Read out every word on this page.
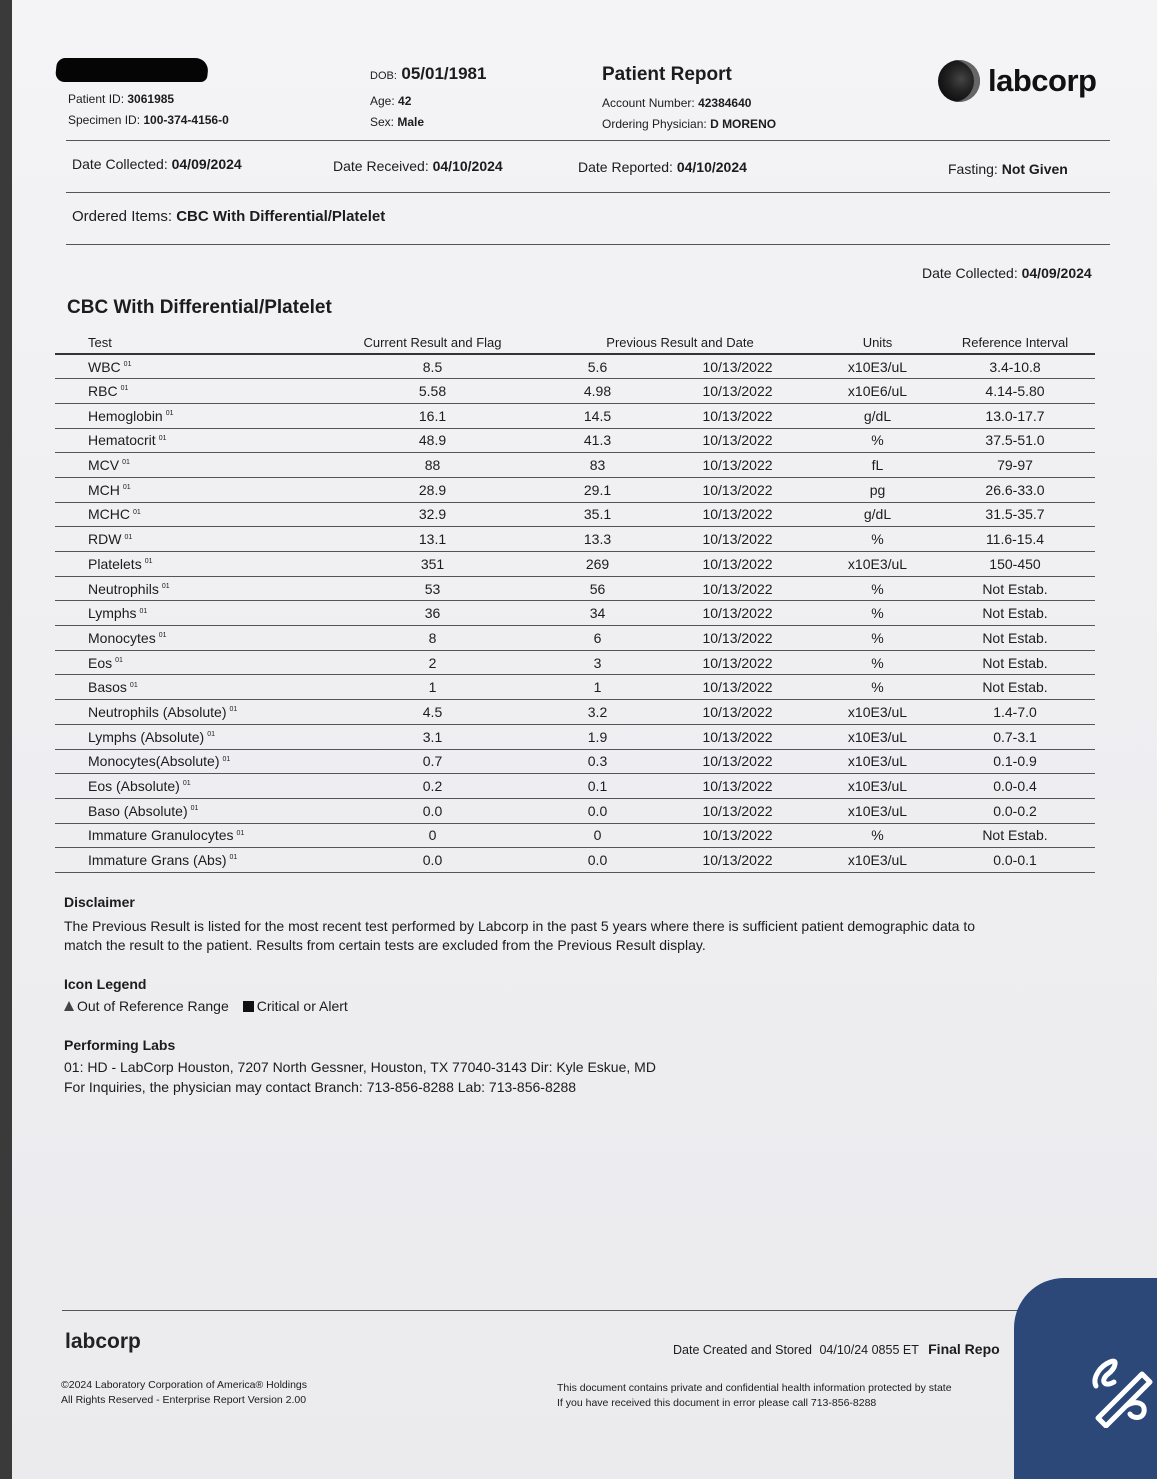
Patient ID: 3061985
Specimen ID: 100-374-4156-0
DOB: 05/01/1981
Age: 42
Sex: Male
Patient Report
Account Number: 42384640
Ordering Physician: D MORENO
labcorp
Date Collected: 04/09/2024	Date Received: 04/10/2024	Date Reported: 04/10/2024	Fasting: Not Given
Ordered Items: CBC With Differential/Platelet
Date Collected: 04/09/2024
CBC With Differential/Platelet
Test	Current Result and Flag	Previous Result and Date		Units	Reference Interval
WBC $^{01}$	8.5	5.6	10/13/2022	x10E3/uL	3.4-10.8
RBC $^{01}$	5.58	4.98	10/13/2022	x10E6/uL	4.14-5.80
Hemoglobin $^{01}$	16.1	14.5	10/13/2022	g/dL	13.0-17.7
Hematocrit $^{01}$	48.9	41.3	10/13/2022	%	37.5-51.0
MCV $^{01}$	88	83	10/13/2022	fL	79-97
MCH $^{01}$	28.9	29.1	10/13/2022	pg	26.6-33.0
MCHC $^{01}$	32.9	35.1	10/13/2022	g/dL	31.5-35.7
RDW $^{01}$	13.1	13.3	10/13/2022	%	11.6-15.4
Platelets $^{01}$	351	269	10/13/2022	x10E3/uL	150-450
Neutrophils $^{01}$	53	56	10/13/2022	%	Not Estab.
Lymphs $^{01}$	36	34	10/13/2022	%	Not Estab.
Monocytes $^{01}$	8	6	10/13/2022	%	Not Estab.
Eos $^{01}$	2	3	10/13/2022	%	Not Estab.
Basos $^{01}$	1	1	10/13/2022	%	Not Estab.
Neutrophils (Absolute) $^{01}$	4.5	3.2	10/13/2022	x10E3/uL	1.4-7.0
Lymphs (Absolute) $^{01}$	3.1	1.9	10/13/2022	x10E3/uL	0.7-3.1
Monocytes(Absolute) $^{01}$	0.7	0.3	10/13/2022	x10E3/uL	0.1-0.9
Eos (Absolute) $^{01}$	0.2	0.1	10/13/2022	x10E3/uL	0.0-0.4
Baso (Absolute) $^{01}$	0.0	0.0	10/13/2022	x10E3/uL	0.0-0.2
Immature Granulocytes $^{01}$	0	0	10/13/2022	%	Not Estab.
Immature Grans (Abs) $^{01}$	0.0	0.0	10/13/2022	x10E3/uL	0.0-0.1
Disclaimer
The Previous Result is listed for the most recent test performed by Labcorp in the past 5 years where there is sufficient patient demographic data to
match the result to the patient. Results from certain tests are excluded from the Previous Result display.
Icon Legend
Out of Reference Range Critical or Alert
Performing Labs
01: HD - LabCorp Houston, 7207 North Gessner, Houston, TX 77040-3143 Dir: Kyle Eskue, MD
For Inquiries, the physician may contact Branch: 713-856-8288 Lab: 713-856-8288
labcorp	Date Created and Stored 04/10/24 0855 ET Final Repo
©2024 Laboratory Corporation of America® Holdings
All Rights Reserved - Enterprise Report Version 2.00
This document contains private and confidential health information protected by state
If you have received this document in error please call 713-856-8288
